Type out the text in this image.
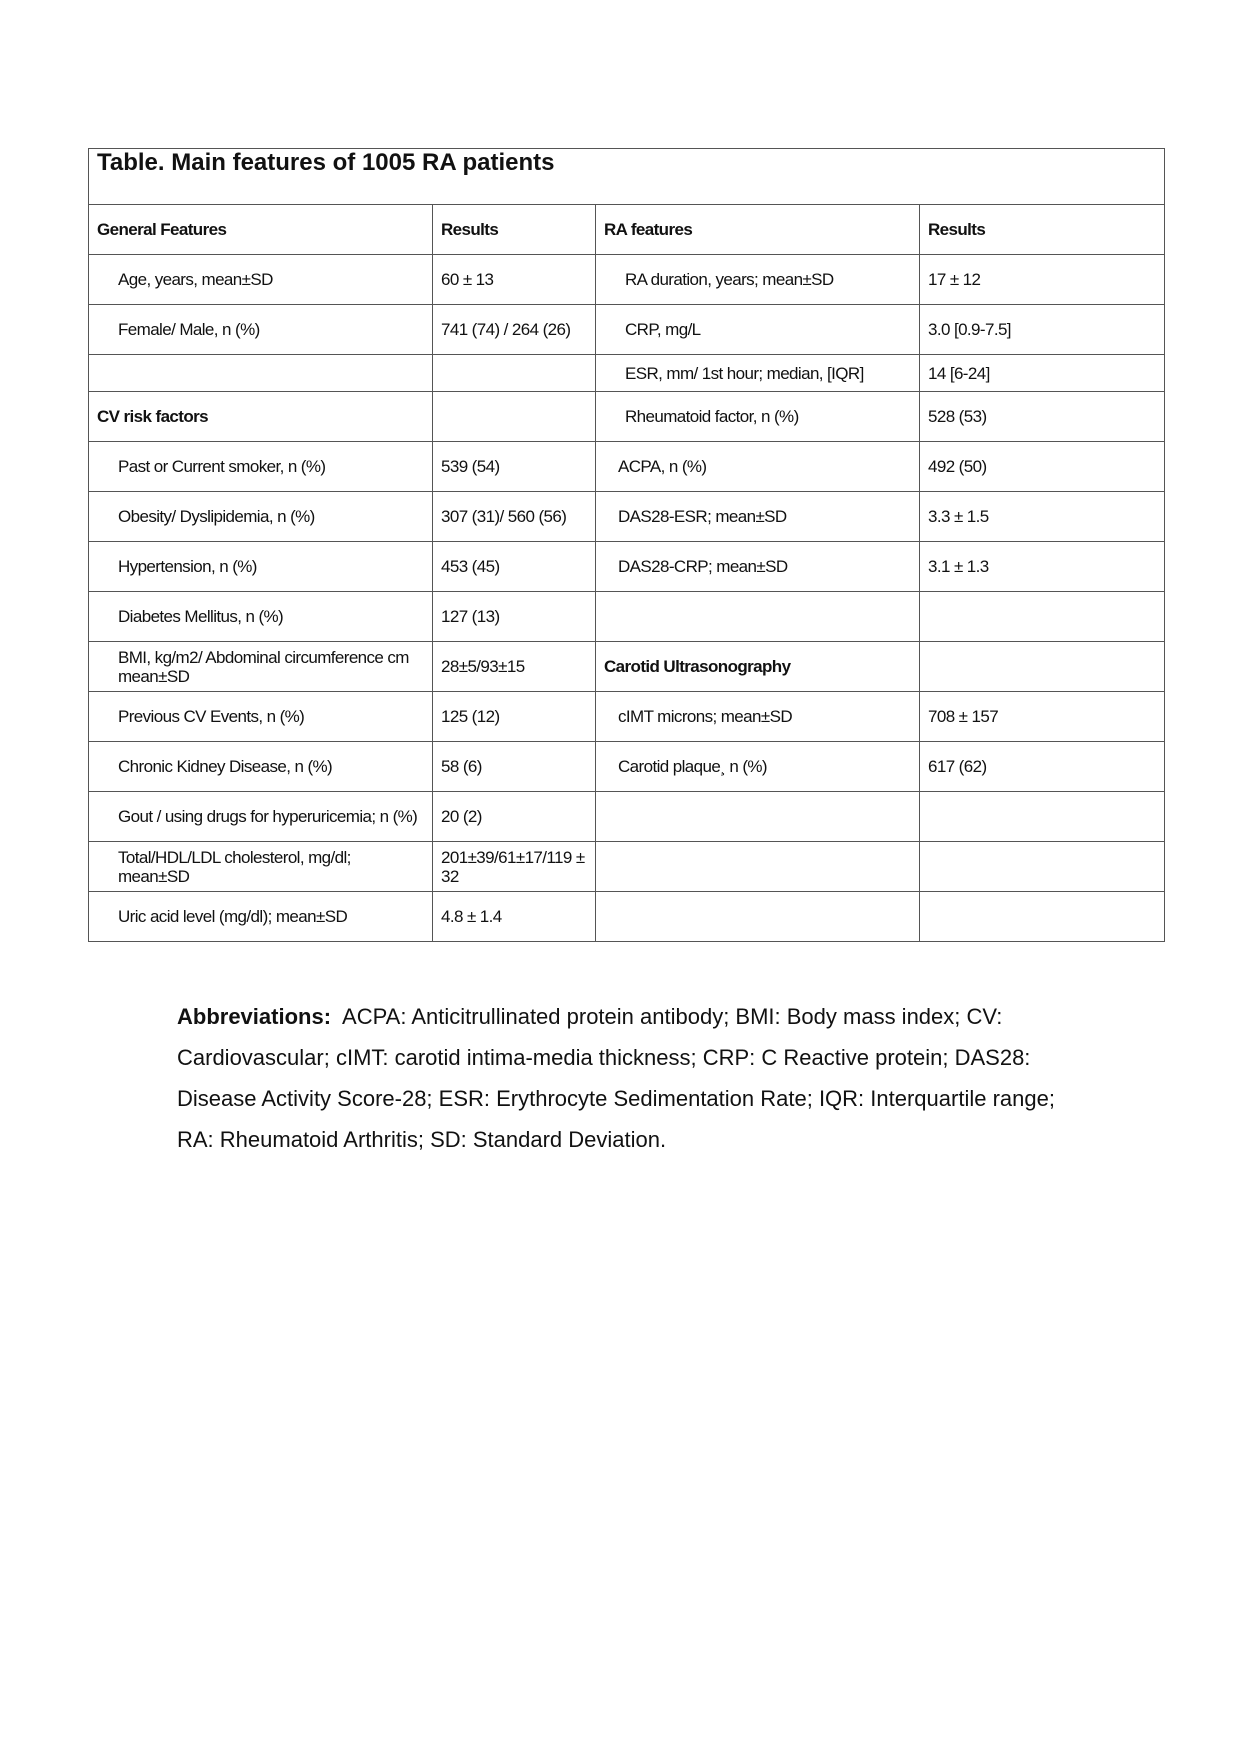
Table. Main features of 1005 RA patients			
General Features	Results	RA features	Results
Age, years, mean±SD	60 ± 13	RA duration, years; mean±SD	17 ± 12
Female/ Male, n (%)	741 (74) / 264 (26)	CRP, mg/L	3.0 [0.9-7.5]
		ESR, mm/ 1st hour; median, [IQR]	14 [6-24]
CV risk factors		Rheumatoid factor, n (%)	528 (53)
Past or Current smoker, n (%)	539 (54)	ACPA, n (%)	492 (50)
Obesity/ Dyslipidemia, n (%)	307 (31)/ 560 (56)	DAS28-ESR; mean±SD	3.3 ± 1.5
Hypertension, n (%)	453 (45)	DAS28-CRP; mean±SD	3.1 ± 1.3
Diabetes Mellitus, n (%)	127 (13)		
BMI, kg/m2/ Abdominal circumference cm mean±SD	28±5/93±15	Carotid Ultrasonography	
Previous CV Events, n (%)	125 (12)	cIMT microns; mean±SD	708 ± 157
Chronic Kidney Disease, n (%)	58 (6)	Carotid plaque¸ n (%)	617 (62)
Gout / using drugs for hyperuricemia; n (%)	20 (2)		
Total/HDL/LDL cholesterol, mg/dl; mean±SD	201±39/61±17/119 ± 32		
Uric acid level (mg/dl); mean±SD	4.8 ± 1.4		
Abbreviations: ACPA: Anticitrullinated protein antibody; BMI: Body mass index; CV: Cardiovascular; cIMT: carotid intima-media thickness; CRP: C Reactive protein; DAS28: Disease Activity Score-28; ESR: Erythrocyte Sedimentation Rate; IQR: Interquartile range; RA: Rheumatoid Arthritis; SD: Standard Deviation.
